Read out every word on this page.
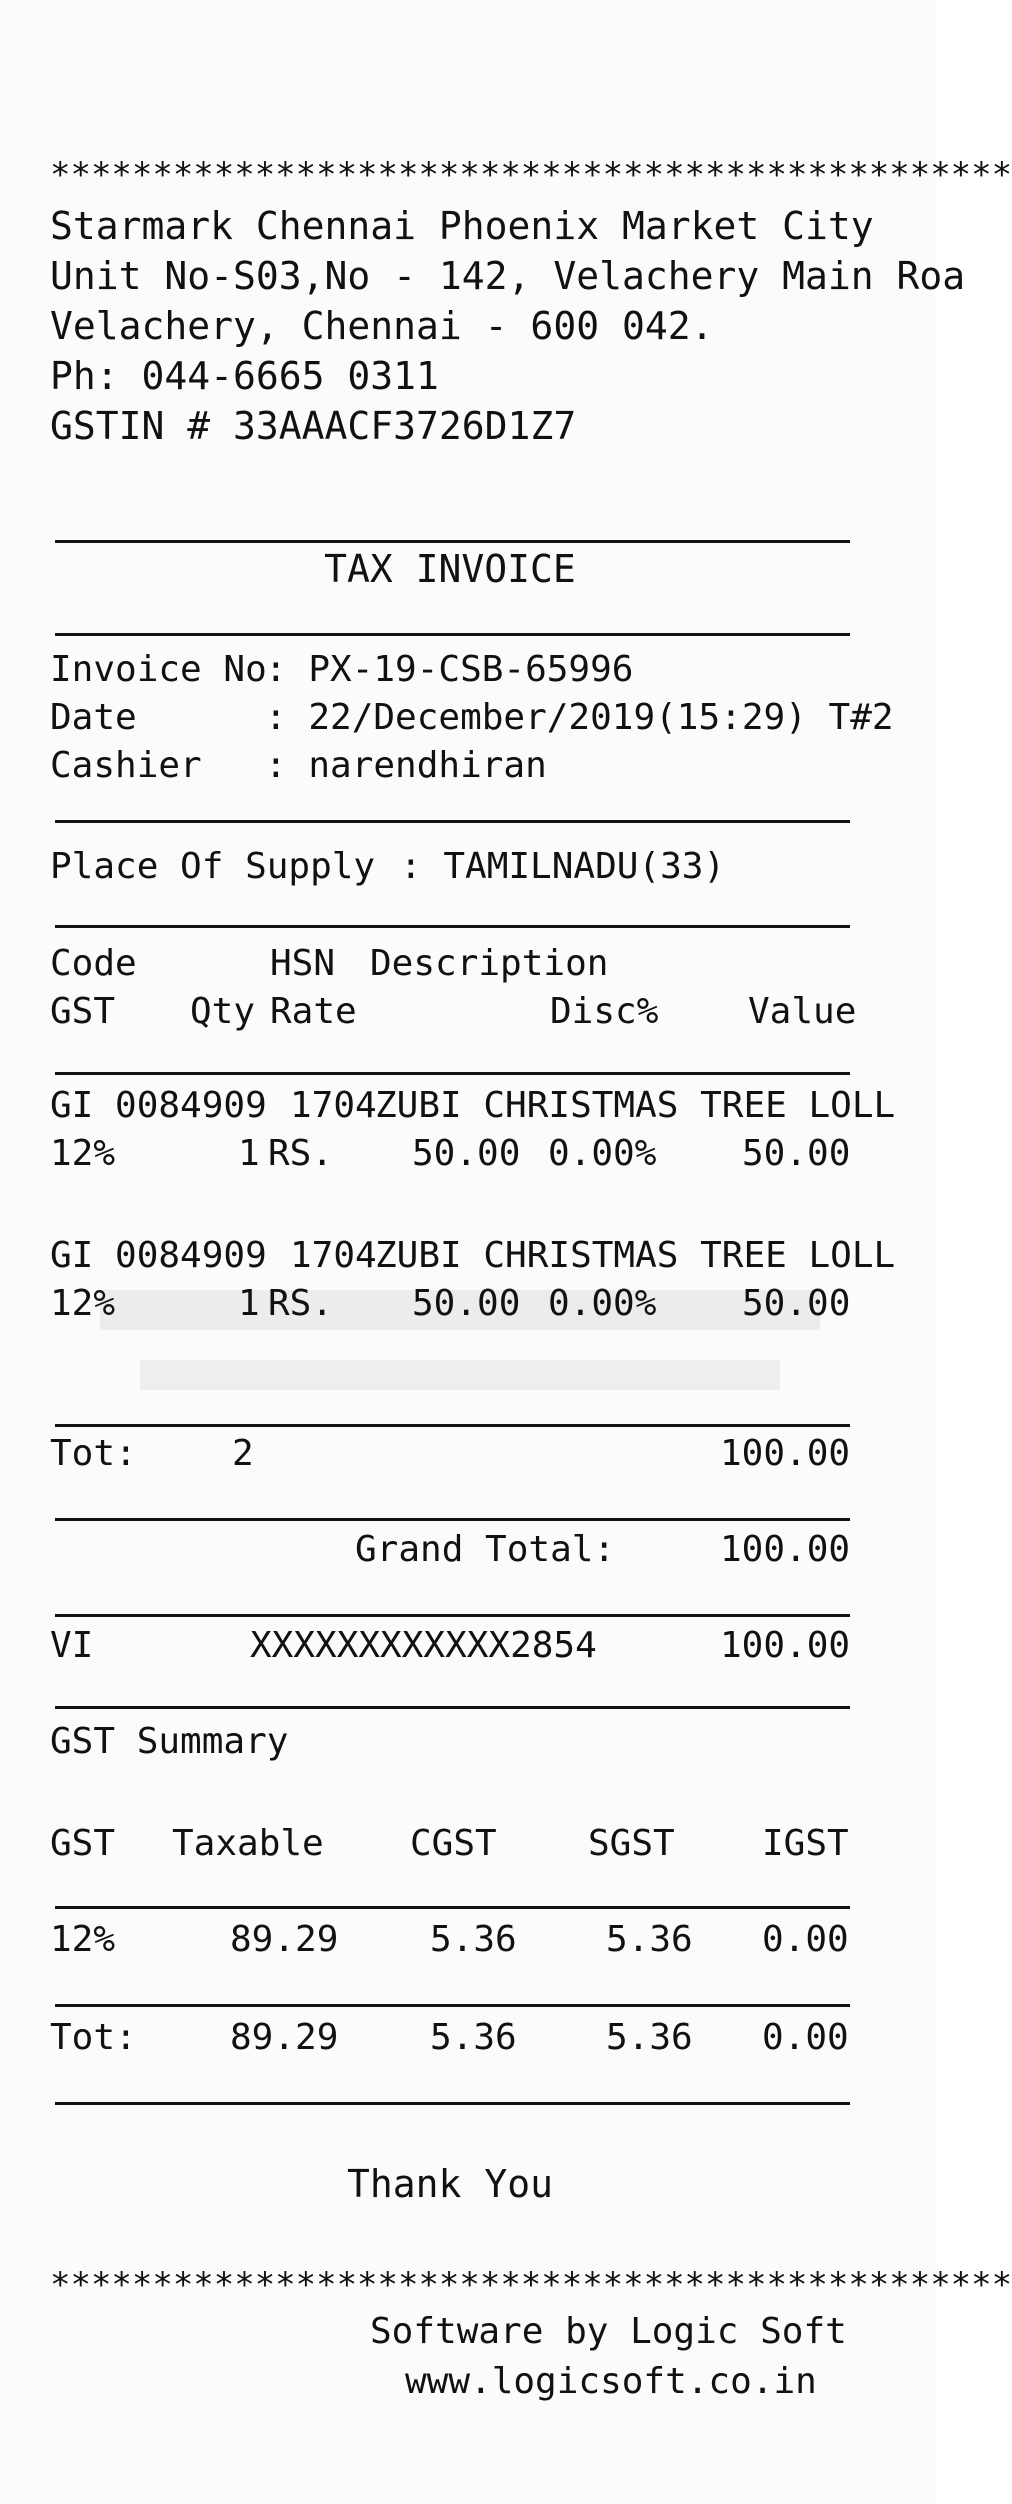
***********************************************
Starmark Chennai Phoenix Market City
Unit No-S03,No - 142, Velachery Main Roa
Velachery, Chennai - 600 042.
Ph: 044-6665 0311
GSTIN # 33AAACF3726D1Z7
TAX INVOICE
Invoice No
: PX-19-CSB-65996
Date	: 22/December/2019(15:29) T#2
Cashier : narendhiran
Place Of Supply : TAMILNADU(33)
Code	HSN Description
GST Qty Rate	Disc% Value
GI 0084909 1704
ZUBI CHRISTMAS TREE LOLL
12%	1 RS. 50.00 0.00% 50.00
GI 0084909 1704
ZUBI CHRISTMAS TREE LOLL
12%	1 RS. 50.00 0.00% 50.00
Tot:	2	100.00
Grand Total:	100.00
VI	XXXXXXXXXXXX2854	100.00
GST Summary
GST Taxable CGST	SGST IGST
12%	89.29	5.36 5.36 0.00
Tot:	89.29	5.36 5.36 0.00
Thank You
***********************************************
Software by Logic Soft
www.logicsoft.co.in
